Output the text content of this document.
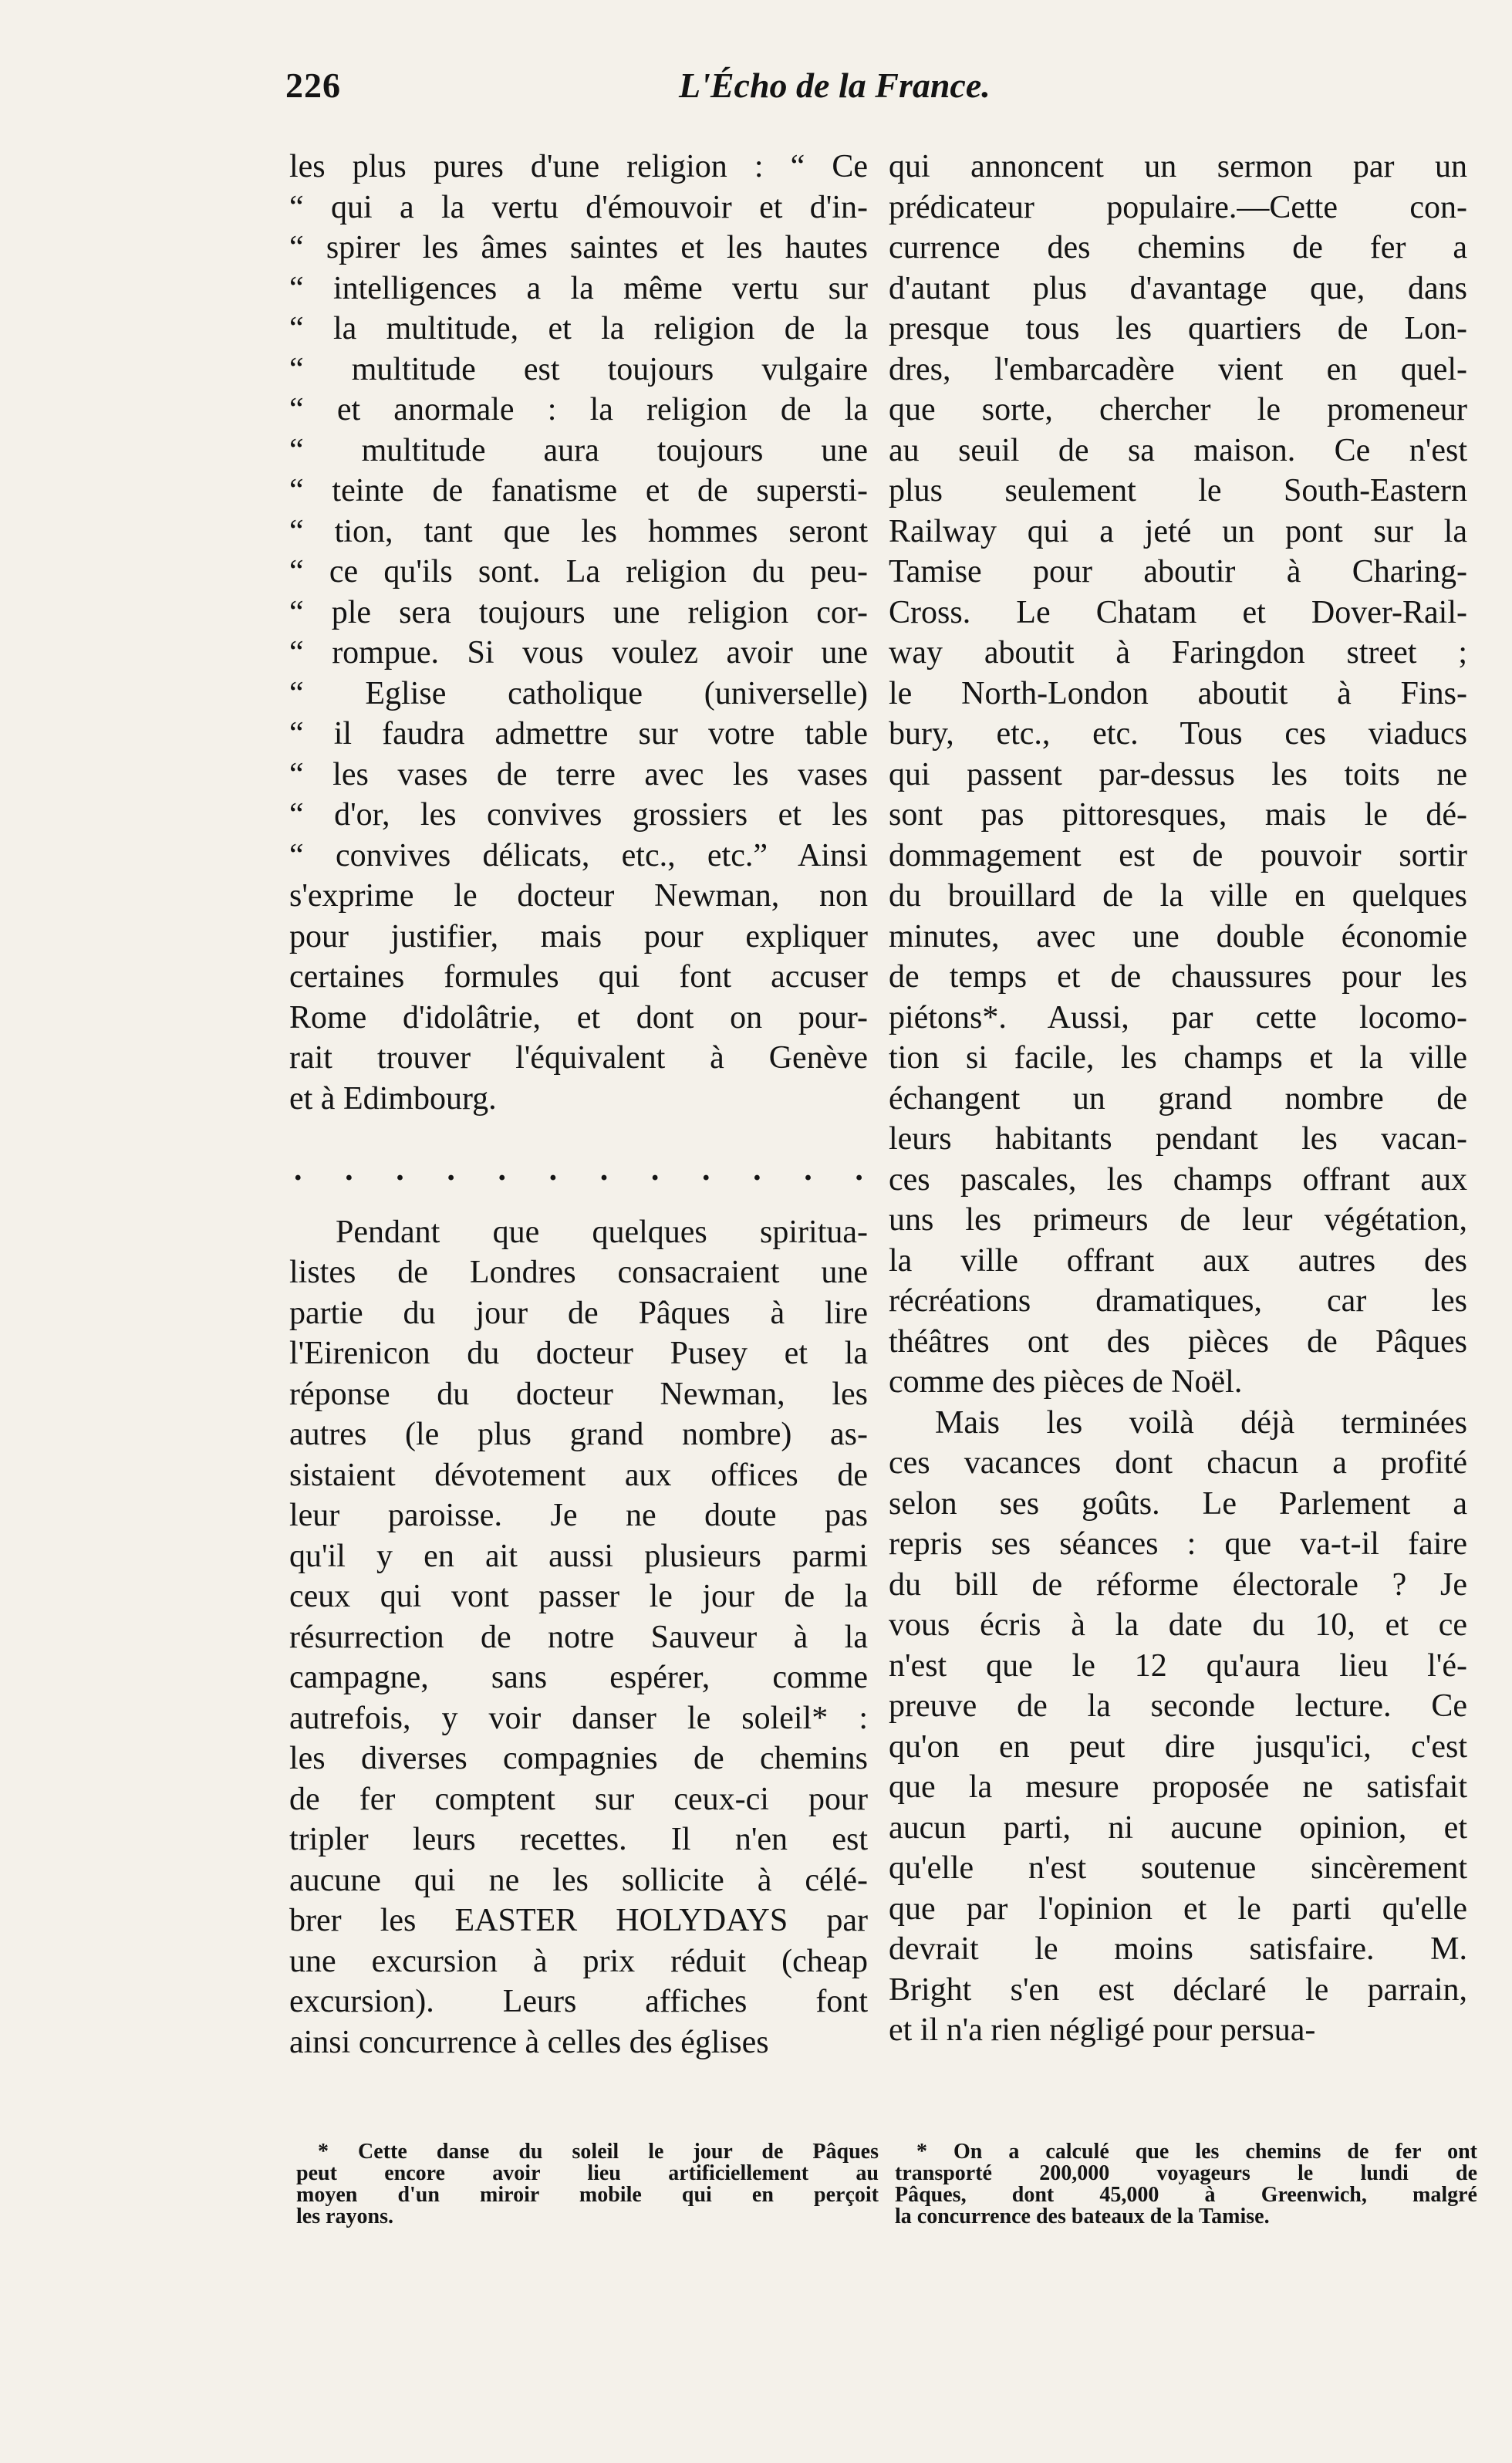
226	L'Écho de la France.
les plus pures d'une religion : “ Ce
“ qui a la vertu d'émouvoir et d'in-
“ spirer les âmes saintes et les hautes
“ intelligences a la même vertu sur
“ la multitude, et la religion de la
“ multitude est toujours vulgaire
“ et anormale : la religion de la
“ multitude aura toujours une
“ teinte de fanatisme et de supersti-
“ tion, tant que les hommes seront
“ ce qu'ils sont. La religion du peu-
“ ple sera toujours une religion cor-
“ rompue. Si vous voulez avoir une
“ Eglise catholique (universelle)
“ il faudra admettre sur votre table
“ les vases de terre avec les vases
“ d'or, les convives grossiers et les
“ convives délicats, etc., etc.” Ainsi
s'exprime le docteur Newman, non
pour justifier, mais pour expliquer
certaines formules qui font accuser
Rome d'idolâtrie, et dont on pour-
rait trouver l'équivalent à Genève
et à Edimbourg.
. . . . . . . . . . . .
Pendant que quelques spiritua-
listes de Londres consacraient une
partie du jour de Pâques à lire
l'Eirenicon du docteur Pusey et la
réponse du docteur Newman, les
autres (le plus grand nombre) as-
sistaient dévotement aux offices de
leur paroisse. Je ne doute pas
qu'il y en ait aussi plusieurs parmi
ceux qui vont passer le jour de la
résurrection de notre Sauveur à la
campagne, sans espérer, comme
autrefois, y voir danser le soleil* :
les diverses compagnies de chemins
de fer comptent sur ceux-ci pour
tripler leurs recettes. Il n'en est
aucune qui ne les sollicite à célé-
brer les EASTER HOLYDAYS par
une excursion à prix réduit (cheap
excursion). Leurs affiches font
ainsi concurrence à celles des églises
qui annoncent un sermon par un
prédicateur populaire.—Cette con-
currence des chemins de fer a
d'autant plus d'avantage que, dans
presque tous les quartiers de Lon-
dres, l'embarcadère vient en quel-
que sorte, chercher le promeneur
au seuil de sa maison. Ce n'est
plus seulement le South-Eastern
Railway qui a jeté un pont sur la
Tamise pour aboutir à Charing-
Cross. Le Chatam et Dover-Rail-
way aboutit à Faringdon street ;
le North-London aboutit à Fins-
bury, etc., etc. Tous ces viaducs
qui passent par-dessus les toits ne
sont pas pittoresques, mais le dé-
dommagement est de pouvoir sortir
du brouillard de la ville en quelques
minutes, avec une double économie
de temps et de chaussures pour les
piétons*. Aussi, par cette locomo-
tion si facile, les champs et la ville
échangent un grand nombre de
leurs habitants pendant les vacan-
ces pascales, les champs offrant aux
uns les primeurs de leur végétation,
la ville offrant aux autres des
récréations dramatiques, car les
théâtres ont des pièces de Pâques
comme des pièces de Noël.
Mais les voilà déjà terminées
ces vacances dont chacun a profité
selon ses goûts. Le Parlement a
repris ses séances : que va-t-il faire
du bill de réforme électorale ? Je
vous écris à la date du 10, et ce
n'est que le 12 qu'aura lieu l'é-
preuve de la seconde lecture. Ce
qu'on en peut dire jusqu'ici, c'est
que la mesure proposée ne satisfait
aucun parti, ni aucune opinion, et
qu'elle n'est soutenue sincèrement
que par l'opinion et le parti qu'elle
devrait le moins satisfaire. M.
Bright s'en est déclaré le parrain,
et il n'a rien négligé pour persua-
* Cette danse du soleil le jour de Pâques
peut encore avoir lieu artificiellement au
moyen d'un miroir mobile qui en perçoit
les rayons.
* On a calculé que les chemins de fer ont
transporté 200,000 voyageurs le lundi de
Pâques, dont 45,000 à Greenwich, malgré
la concurrence des bateaux de la Tamise.
